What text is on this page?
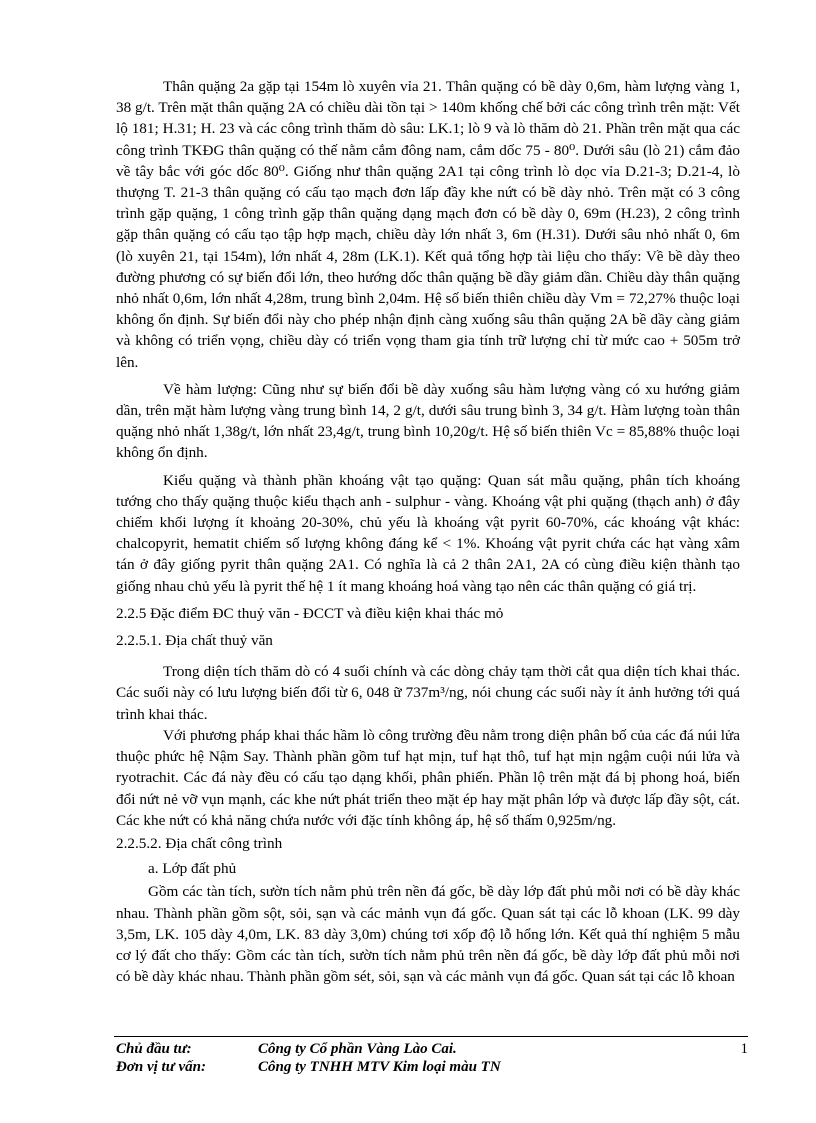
Thân quặng 2a gặp tại 154m lò xuyên vỉa 21. Thân quặng có bề dày 0,6m, hàm lượng vàng 1, 38 g/t. Trên mặt thân quặng 2A có chiều dài tồn tại > 140m khống chế bởi các công trình trên mặt: Vết lộ 181; H.31; H. 23 và các công trình thăm dò sâu: LK.1; lò 9 và lò thăm dò 21. Phần trên mặt qua các công trình TKĐG thân quặng có thế nằm cắm đông nam, cắm dốc 75 - 80⁰. Dưới sâu (lò 21) cắm đảo về tây bắc với góc dốc 80⁰. Giống như thân quặng 2A1 tại công trình lò dọc vỉa D.21-3; D.21-4, lò thượng T. 21-3 thân quặng có cấu tạo mạch đơn lấp đầy khe nứt có bề dày nhỏ. Trên mặt có 3 công trình gặp quặng, 1 công trình gặp thân quặng dạng mạch đơn có bề dày 0, 69m (H.23), 2 công trình gặp thân quặng có cấu tạo tập hợp mạch, chiều dày lớn nhất 3, 6m (H.31). Dưới sâu nhỏ nhất 0, 6m (lò xuyên 21, tại 154m), lớn nhất 4, 28m (LK.1). Kết quả tổng hợp tài liệu cho thấy: Về bề dày theo đường phương có sự biến đổi lớn, theo hướng dốc thân quặng bề dầy giảm dần. Chiều dày thân quặng nhỏ nhất 0,6m, lớn nhất 4,28m, trung bình 2,04m. Hệ số biến thiên chiều dày Vm = 72,27% thuộc loại không ổn định. Sự biến đổi này cho phép nhận định càng xuống sâu thân quặng 2A bề dầy càng giảm và không có triển vọng, chiều dày có triển vọng tham gia tính trữ lượng chỉ từ mức cao + 505m trở lên.

Về hàm lượng: Cũng như sự biến đổi bề dày xuống sâu hàm lượng vàng có xu hướng giảm dần, trên mặt hàm lượng vàng trung bình 14, 2 g/t, dưới sâu trung bình 3, 34 g/t. Hàm lượng toàn thân quặng nhỏ nhất 1,38g/t, lớn nhất 23,4g/t, trung bình 10,20g/t. Hệ số biến thiên Vc = 85,88% thuộc loại không ổn định.

Kiểu quặng và thành phần khoáng vật tạo quặng: Quan sát mẫu quặng, phân tích khoáng tướng cho thấy quặng thuộc kiểu thạch anh - sulphur - vàng. Khoáng vật phi quặng (thạch anh) ở đây chiếm khối lượng ít khoảng 20-30%, chủ yếu là khoáng vật pyrit 60-70%, các khoáng vật khác: chalcopyrit, hematit chiếm số lượng không đáng kể < 1%. Khoáng vật pyrit chứa các hạt vàng xâm tán ở đây giống pyrit thân quặng 2A1. Có nghĩa là cả 2 thân 2A1, 2A có cùng điều kiện thành tạo giống nhau chủ yếu là pyrit thế hệ 1 ít mang khoáng hoá vàng tạo nên các thân quặng có giá trị.

2.2.5 Đặc điểm ĐC thuỷ văn - ĐCCT và điều kiện khai thác mỏ
2.2.5.1. Địa chất thuỷ văn

Trong diện tích thăm dò có 4 suối chính và các dòng chảy tạm thời cắt qua diện tích khai thác. Các suối này có lưu lượng biến đổi từ 6, 048 ữ 737m³/ng, nói chung các suối này ít ảnh hưởng tới quá trình khai thác.

Với phương pháp khai thác hầm lò công trường đều nằm trong diện phân bố của các đá núi lửa thuộc phức hệ Nậm Say. Thành phần gồm tuf hạt mịn, tuf hạt thô, tuf hạt mịn ngậm cuội núi lửa và ryotrachit. Các đá này đều có cấu tạo dạng khối, phân phiến. Phần lộ trên mặt đá bị phong hoá, biến đổi nứt nẻ vỡ vụn mạnh, các khe nứt phát triển theo mặt ép hay mặt phân lớp và được lấp đầy sột, cát. Các khe nứt có khả năng chứa nước với đặc tính không áp, hệ số thấm 0,925m/ng.

2.2.5.2. Địa chất công trình
a. Lớp đất phủ

Gồm các tàn tích, sườn tích nằm phủ trên nền đá gốc, bề dày lớp đất phủ mỗi nơi có bề dày khác nhau. Thành phần gồm sột, sỏi, sạn và các mảnh vụn đá gốc. Quan sát tại các lỗ khoan (LK. 99 dày 3,5m, LK. 105 dày 4,0m, LK. 83 dày 3,0m) chúng tơi xốp độ lỗ hổng lớn. Kết quả thí nghiệm 5 mẫu cơ lý đất cho thấy: Gồm các tàn tích, sườn tích nằm phủ trên nền đá gốc, bề dày lớp đất phủ mỗi nơi có bề dày khác nhau. Thành phần gồm sét, sỏi, sạn và các mảnh vụn đá gốc. Quan sát tại các lỗ khoan

Chủ đầu tư:	Công ty Cổ phần Vàng Lào Cai.	1
Đơn vị tư vấn:	Công ty TNHH MTV Kim loại màu TN
